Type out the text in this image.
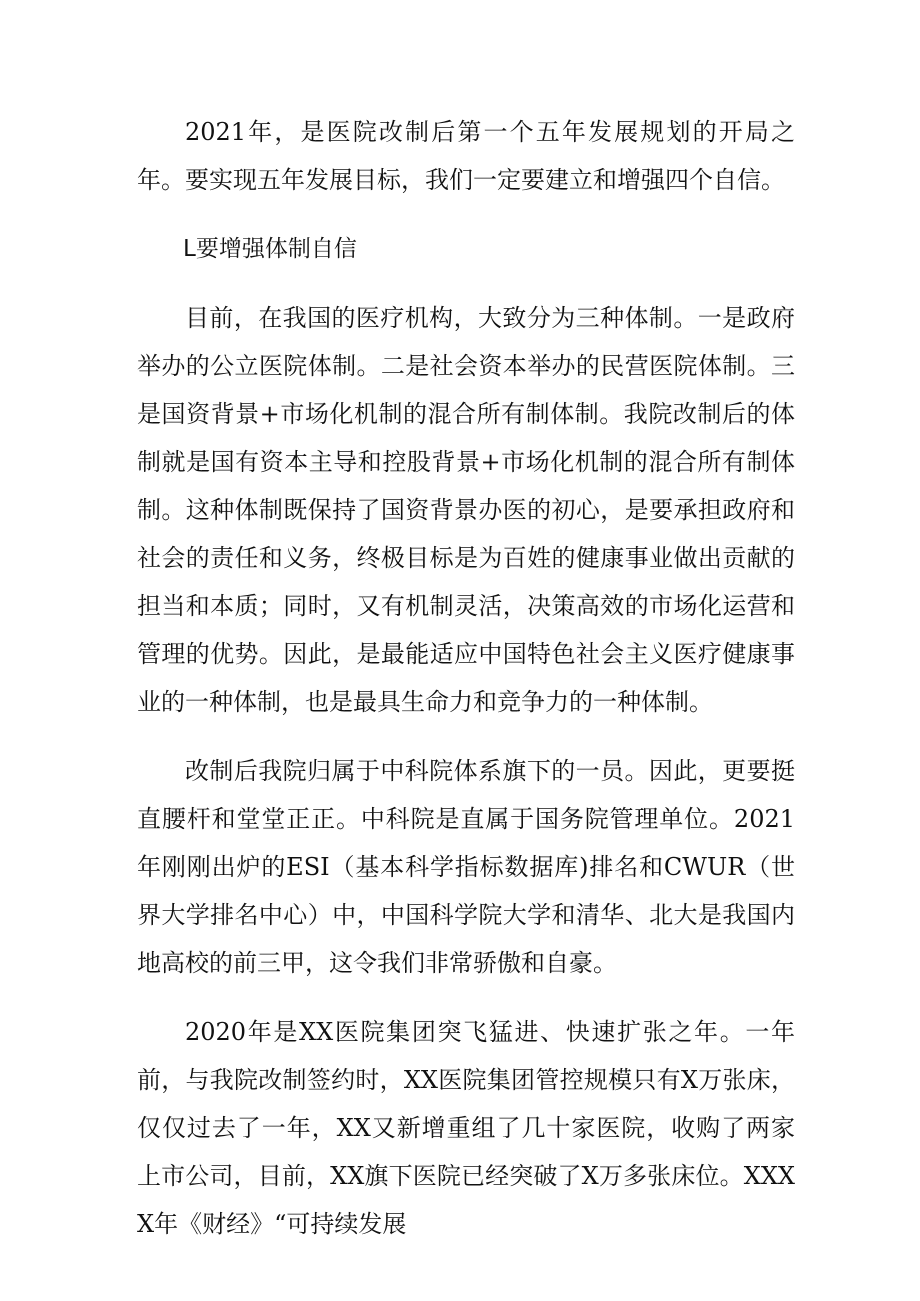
2021年，是医院改制后第一个五年发展规划的开局之年。要实现五年发展目标，我们一定要建立和增强四个自信。

L要增强体制自信

目前，在我国的医疗机构，大致分为三种体制。一是政府举办的公立医院体制。二是社会资本举办的民营医院体制。三是国资背景+市场化机制的混合所有制体制。我院改制后的体制就是国有资本主导和控股背景+市场化机制的混合所有制体制。这种体制既保持了国资背景办医的初心，是要承担政府和社会的责任和义务，终极目标是为百姓的健康事业做出贡献的担当和本质；同时，又有机制灵活，决策高效的市场化运营和管理的优势。因此，是最能适应中国特色社会主义医疗健康事业的一种体制，也是最具生命力和竞争力的一种体制。

改制后我院归属于中科院体系旗下的一员。因此，更要挺直腰杆和堂堂正正。中科院是直属于国务院管理单位。2021年刚刚出炉的ESI（基本科学指标数据库)排名和CWUR（世界大学排名中心）中，中国科学院大学和清华、北大是我国内地高校的前三甲，这令我们非常骄傲和自豪。

2020年是XX医院集团突飞猛进、快速扩张之年。一年前，与我院改制签约时，XX医院集团管控规模只有X万张床，仅仅过去了一年，XX又新增重组了几十家医院，收购了两家上市公司，目前，XX旗下医院已经突破了X万多张床位。XXXX年《财经》“可持续发展
